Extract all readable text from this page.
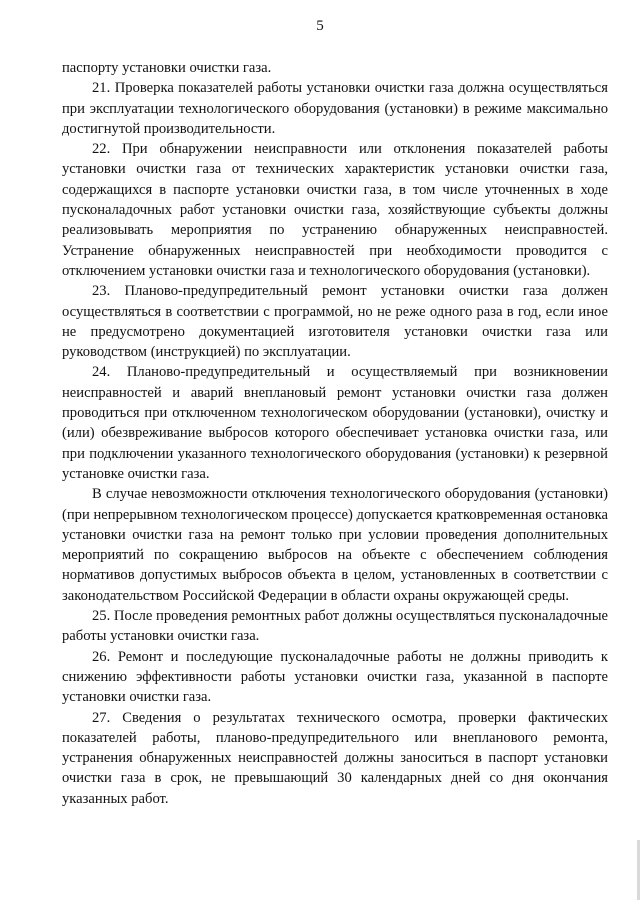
5

паспорту установки очистки газа.

21. Проверка показателей работы установки очистки газа должна осуществляться при эксплуатации технологического оборудования (установки) в режиме максимально достигнутой производительности.

22. При обнаружении неисправности или отклонения показателей работы установки очистки газа от технических характеристик установки очистки газа, содержащихся в паспорте установки очистки газа, в том числе уточненных в ходе пусконаладочных работ установки очистки газа, хозяйствующие субъекты должны реализовывать мероприятия по устранению обнаруженных неисправностей. Устранение обнаруженных неисправностей при необходимости проводится с отключением установки очистки газа и технологического оборудования (установки).

23. Планово-предупредительный ремонт установки очистки газа должен осуществляться в соответствии с программой, но не реже одного раза в год, если иное не предусмотрено документацией изготовителя установки очистки газа или руководством (инструкцией) по эксплуатации.

24. Планово-предупредительный и осуществляемый при возникновении неисправностей и аварий внеплановый ремонт установки очистки газа должен проводиться при отключенном технологическом оборудовании (установки), очистку и (или) обезвреживание выбросов которого обеспечивает установка очистки газа, или при подключении указанного технологического оборудования (установки) к резервной установке очистки газа.

В случае невозможности отключения технологического оборудования (установки) (при непрерывном технологическом процессе) допускается кратковременная остановка установки очистки газа на ремонт только при условии проведения дополнительных мероприятий по сокращению выбросов на объекте с обеспечением соблюдения нормативов допустимых выбросов объекта в целом, установленных в соответствии с законодательством Российской Федерации в области охраны окружающей среды.

25. После проведения ремонтных работ должны осуществляться пусконаладочные работы установки очистки газа.

26. Ремонт и последующие пусконаладочные работы не должны приводить к снижению эффективности работы установки очистки газа, указанной в паспорте установки очистки газа.

27. Сведения о результатах технического осмотра, проверки фактических показателей работы, планово-предупредительного или внепланового ремонта, устранения обнаруженных неисправностей должны заноситься в паспорт установки очистки газа в срок, не превышающий 30 календарных дней со дня окончания указанных работ.
